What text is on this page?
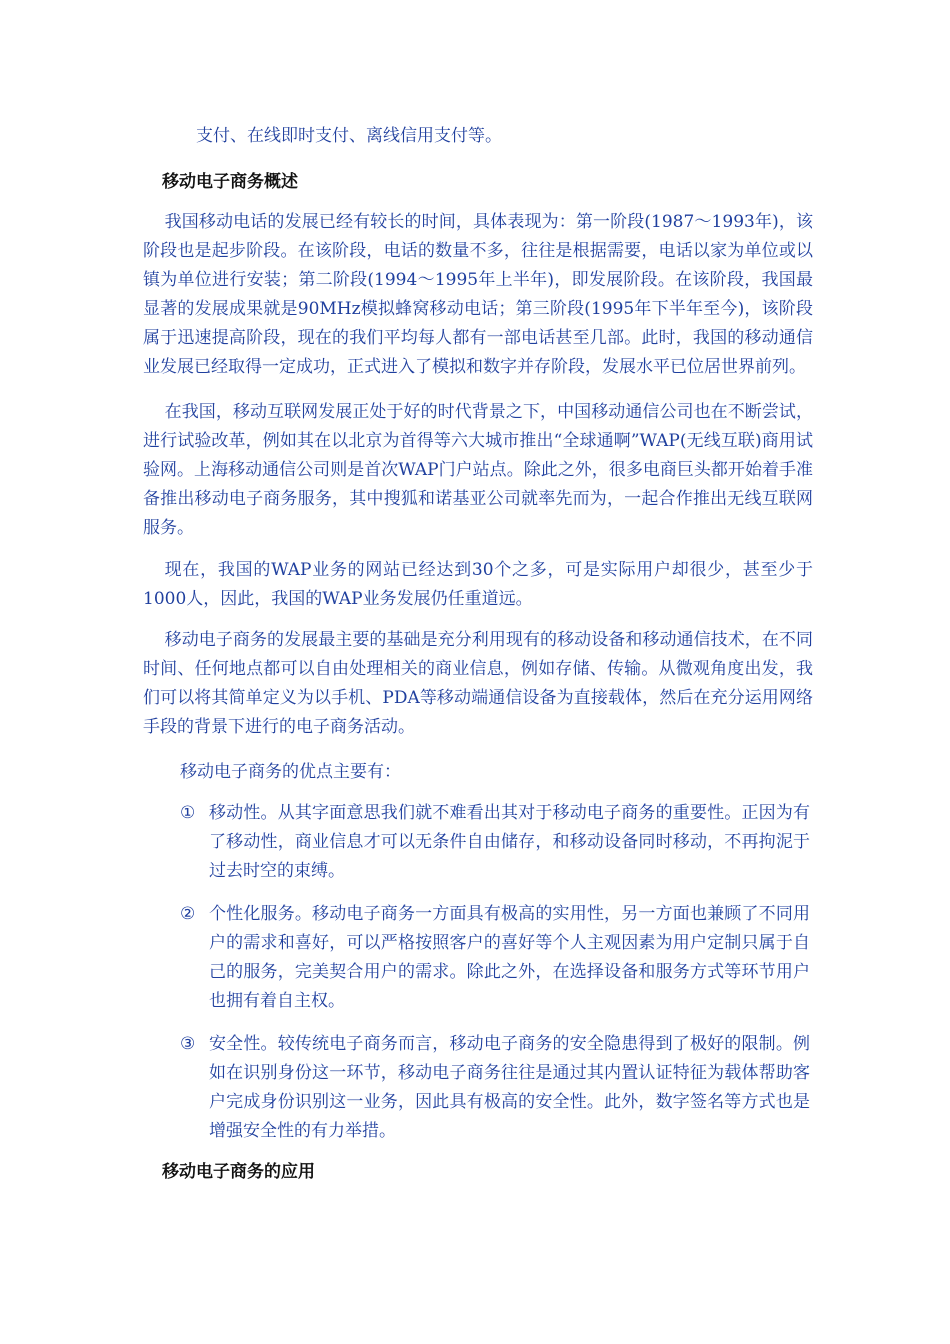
支付、在线即时支付、离线信用支付等。
移动电子商务概述
我国移动电话的发展已经有较长的时间，具体表现为：第一阶段(1987～1993年)，该阶段也是起步阶段。在该阶段，电话的数量不多，往往是根据需要，电话以家为单位或以镇为单位进行安装；第二阶段(1994～1995年上半年)，即发展阶段。在该阶段，我国最显著的发展成果就是90MHz模拟蜂窝移动电话；第三阶段(1995年下半年至今)，该阶段属于迅速提高阶段，现在的我们平均每人都有一部电话甚至几部。此时，我国的移动通信业发展已经取得一定成功，正式进入了模拟和数字并存阶段，发展水平已位居世界前列。
在我国，移动互联网发展正处于好的时代背景之下，中国移动通信公司也在不断尝试，进行试验改革，例如其在以北京为首得等六大城市推出“全球通啊”WAP(无线互联)商用试验网。上海移动通信公司则是首次WAP门户站点。除此之外，很多电商巨头都开始着手准备推出移动电子商务服务，其中搜狐和诺基亚公司就率先而为，一起合作推出无线互联网服务。
现在，我国的WAP业务的网站已经达到30个之多，可是实际用户却很少，甚至少于1000人，因此，我国的WAP业务发展仍任重道远。
移动电子商务的发展最主要的基础是充分利用现有的移动设备和移动通信技术，在不同时间、任何地点都可以自由处理相关的商业信息，例如存储、传输。从微观角度出发，我们可以将其简单定义为以手机、PDA等移动端通信设备为直接载体，然后在充分运用网络手段的背景下进行的电子商务活动。
移动电子商务的优点主要有：
① 移动性。从其字面意思我们就不难看出其对于移动电子商务的重要性。正因为有了移动性，商业信息才可以无条件自由储存，和移动设备同时移动，不再拘泥于过去时空的束缚。
② 个性化服务。移动电子商务一方面具有极高的实用性，另一方面也兼顾了不同用户的需求和喜好，可以严格按照客户的喜好等个人主观因素为用户定制只属于自己的服务，完美契合用户的需求。除此之外，在选择设备和服务方式等环节用户也拥有着自主权。
③ 安全性。较传统电子商务而言，移动电子商务的安全隐患得到了极好的限制。例如在识别身份这一环节，移动电子商务往往是通过其内置认证特征为载体帮助客户完成身份识别这一业务，因此具有极高的安全性。此外，数字签名等方式也是增强安全性的有力举措。
移动电子商务的应用
